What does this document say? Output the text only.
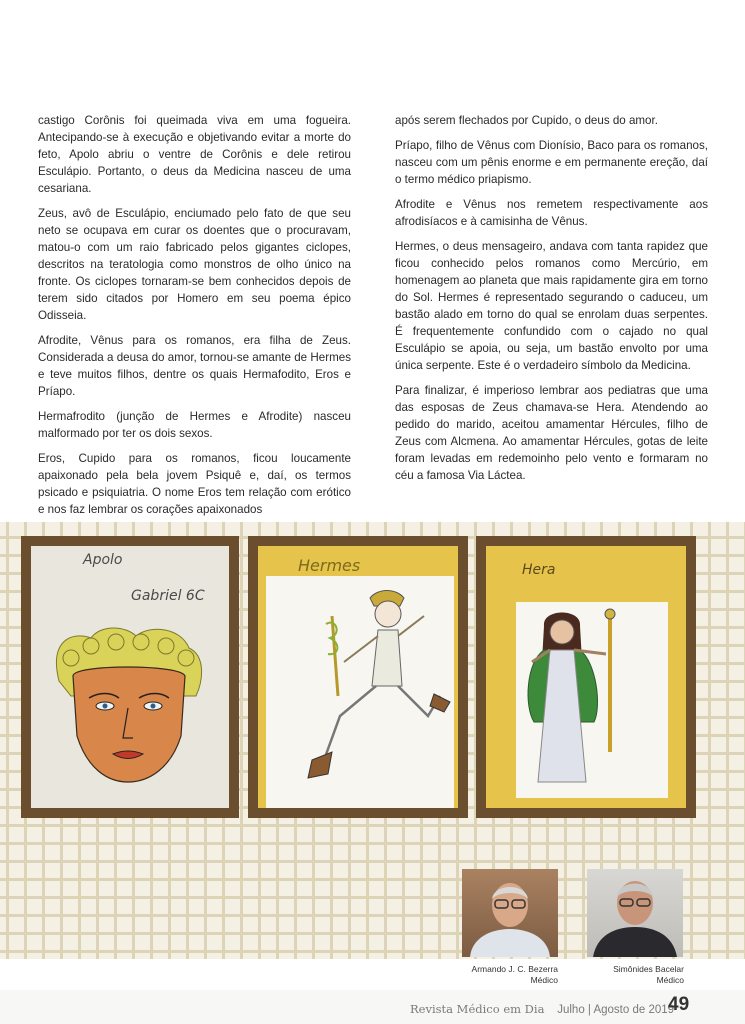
castigo Corônis foi queimada viva em uma fogueira. Antecipando-se à execução e objetivando evitar a morte do feto, Apolo abriu o ventre de Corônis e dele retirou Esculápio. Portanto, o deus da Medicina nasceu de uma cesariana.

Zeus, avô de Esculápio, enciumado pelo fato de que seu neto se ocupava em curar os doentes que o procuravam, matou-o com um raio fabricado pelos gigantes ciclopes, descritos na teratologia como monstros de olho único na fronte. Os ciclopes tornaram-se bem conhecidos depois de terem sido citados por Homero em seu poema épico Odisseia.

Afrodite, Vênus para os romanos, era filha de Zeus. Considerada a deusa do amor, tornou-se amante de Hermes e teve muitos filhos, dentre os quais Hermafodito, Eros e Príapo.

Hermafrodito (junção de Hermes e Afrodite) nasceu malformado por ter os dois sexos.

Eros, Cupido para os romanos, ficou loucamente apaixonado pela bela jovem Psiquê e, daí, os termos psicado e psiquiatria. O nome Eros tem relação com erótico e nos faz lembrar os corações apaixonados

após serem flechados por Cupido, o deus do amor.

Príapo, filho de Vênus com Dionísio, Baco para os romanos, nasceu com um pênis enorme e em permanente ereção, daí o termo médico priapismo.

Afrodite e Vênus nos remetem respectivamente aos afrodisíacos e à camisinha de Vênus.

Hermes, o deus mensageiro, andava com tanta rapidez que ficou conhecido pelos romanos como Mercúrio, em homenagem ao planeta que mais rapidamente gira em torno do Sol. Hermes é representado segurando o caduceu, um bastão alado em torno do qual se enrolam duas serpentes. É frequentemente confundido com o cajado no qual Esculápio se apoia, ou seja, um bastão envolto por uma única serpente. Este é o verdadeiro símbolo da Medicina.

Para finalizar, é imperioso lembrar aos pediatras que uma das esposas de Zeus chamava-se Hera. Atendendo ao pedido do marido, aceitou amamentar Hércules, filho de Zeus com Alcmena. Ao amamentar Hércules, gotas de leite foram levadas em redemoinho pelo vento e formaram no céu a famosa Via Láctea.

Apolo
Gabriel 6C
Hermes	Hera
Armando J. C. Bezerra
Médico
Simônides Bacelar
Médico
Revista Médico em Dia Julho | Agosto de 2019
49
